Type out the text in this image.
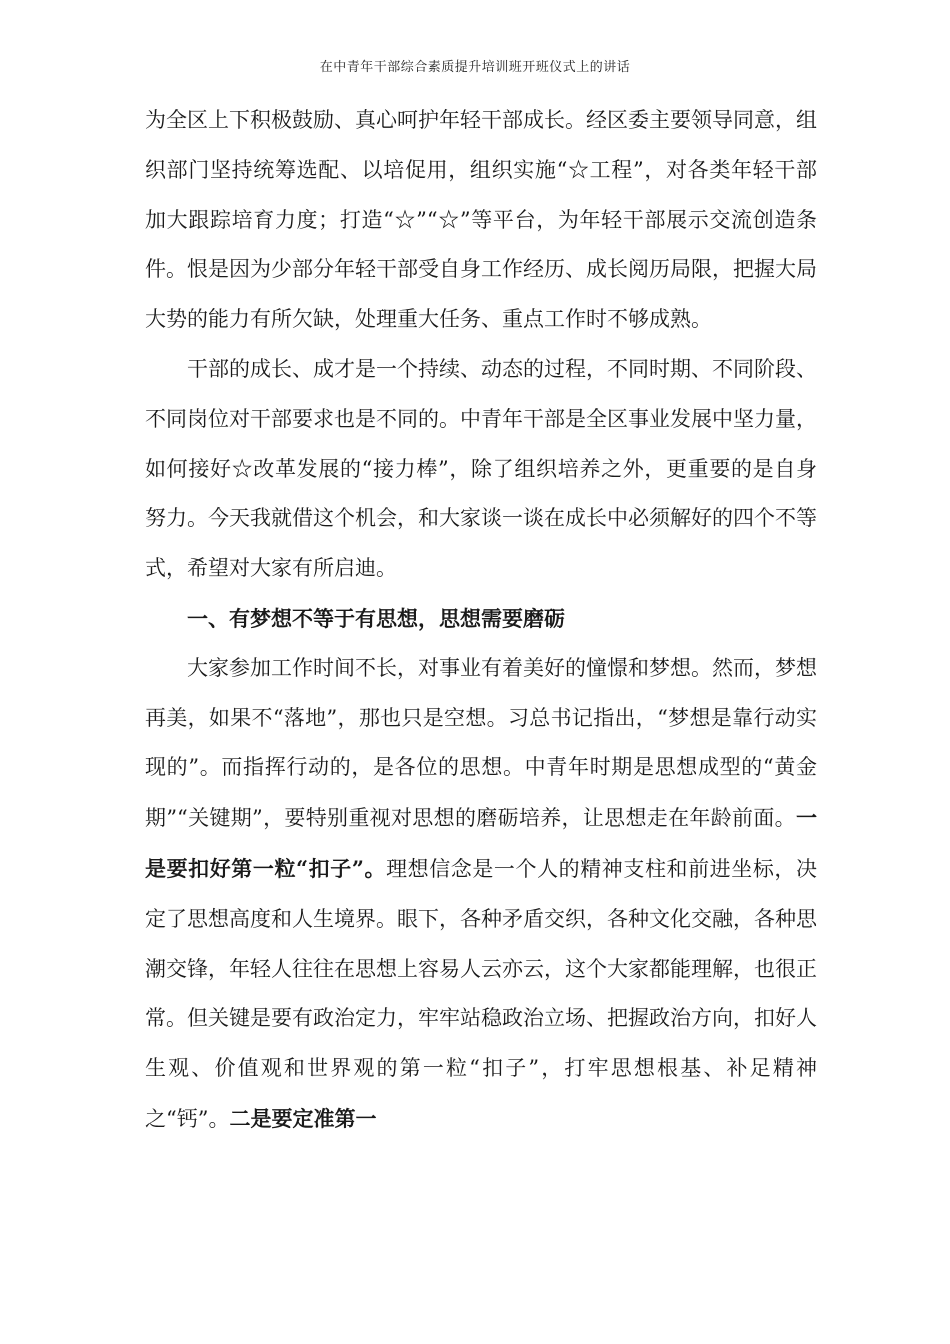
在中青年干部综合素质提升培训班开班仪式上的讲话

为全区上下积极鼓励、真心呵护年轻干部成长。经区委主要领导同意，组织部门坚持统筹选配、以培促用，组织实施“☆工程”，对各类年轻干部加大跟踪培育力度；打造“☆”“☆”等平台，为年轻干部展示交流创造条件。恨是因为少部分年轻干部受自身工作经历、成长阅历局限，把握大局大势的能力有所欠缺，处理重大任务、重点工作时不够成熟。

干部的成长、成才是一个持续、动态的过程，不同时期、不同阶段、不同岗位对干部要求也是不同的。中青年干部是全区事业发展中坚力量，如何接好☆改革发展的“接力棒”，除了组织培养之外，更重要的是自身努力。今天我就借这个机会，和大家谈一谈在成长中必须解好的四个不等式，希望对大家有所启迪。

一、有梦想不等于有思想，思想需要磨砺

大家参加工作时间不长，对事业有着美好的憧憬和梦想。然而，梦想再美，如果不“落地”，那也只是空想。习总书记指出，“梦想是靠行动实现的”。而指挥行动的，是各位的思想。中青年时期是思想成型的“黄金期”“关键期”，要特别重视对思想的磨砺培养，让思想走在年龄前面。一是要扣好第一粒“扣子”。理想信念是一个人的精神支柱和前进坐标，决定了思想高度和人生境界。眼下，各种矛盾交织，各种文化交融，各种思潮交锋，年轻人往往在思想上容易人云亦云，这个大家都能理解，也很正常。但关键是要有政治定力，牢牢站稳政治立场、把握政治方向，扣好人生观、价值观和世界观的第一粒“扣子”，打牢思想根基、补足精神之“钙”。二是要定准第一
